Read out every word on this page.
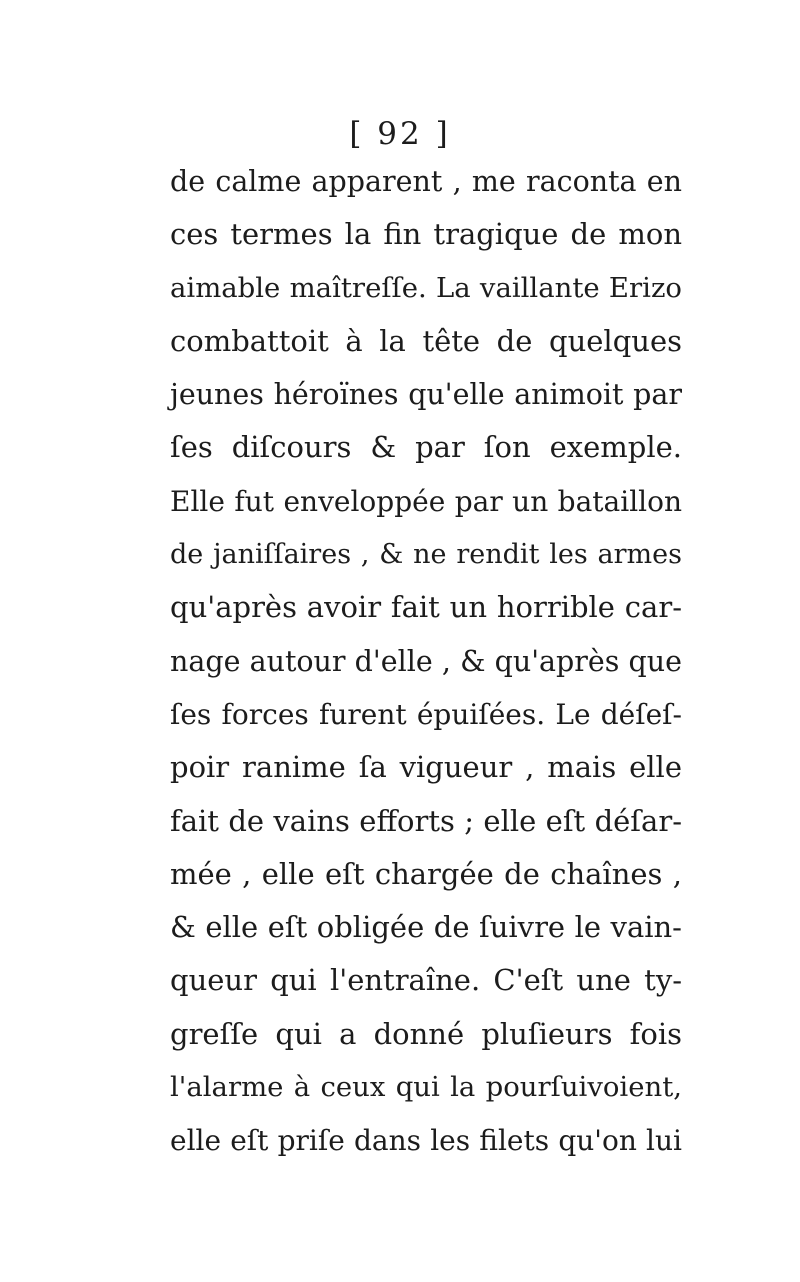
[ 92 ]
de calme apparent , me raconta en
ces termes la fin tragique de mon
aimable maîtreſſe. La vaillante Erizo
combattoit à la tête de quelques
jeunes héroïnes qu'elle animoit par
ſes diſcours & par ſon exemple.
Elle fut enveloppée par un bataillon
de janiſſaires , & ne rendit les armes
qu'après avoir fait un horrible car-
nage autour d'elle , & qu'après que
ſes forces furent épuiſées. Le déſeſ-
poir ranime ſa vigueur , mais elle
fait de vains efforts ; elle eſt déſar-
mée , elle eſt chargée de chaînes ,
& elle eſt obligée de ſuivre le vain-
queur qui l'entraîne. C'eſt une ty-
greſſe qui a donné pluſieurs fois
l'alarme à ceux qui la pourſuivoient,
elle eſt priſe dans les filets qu'on lui
